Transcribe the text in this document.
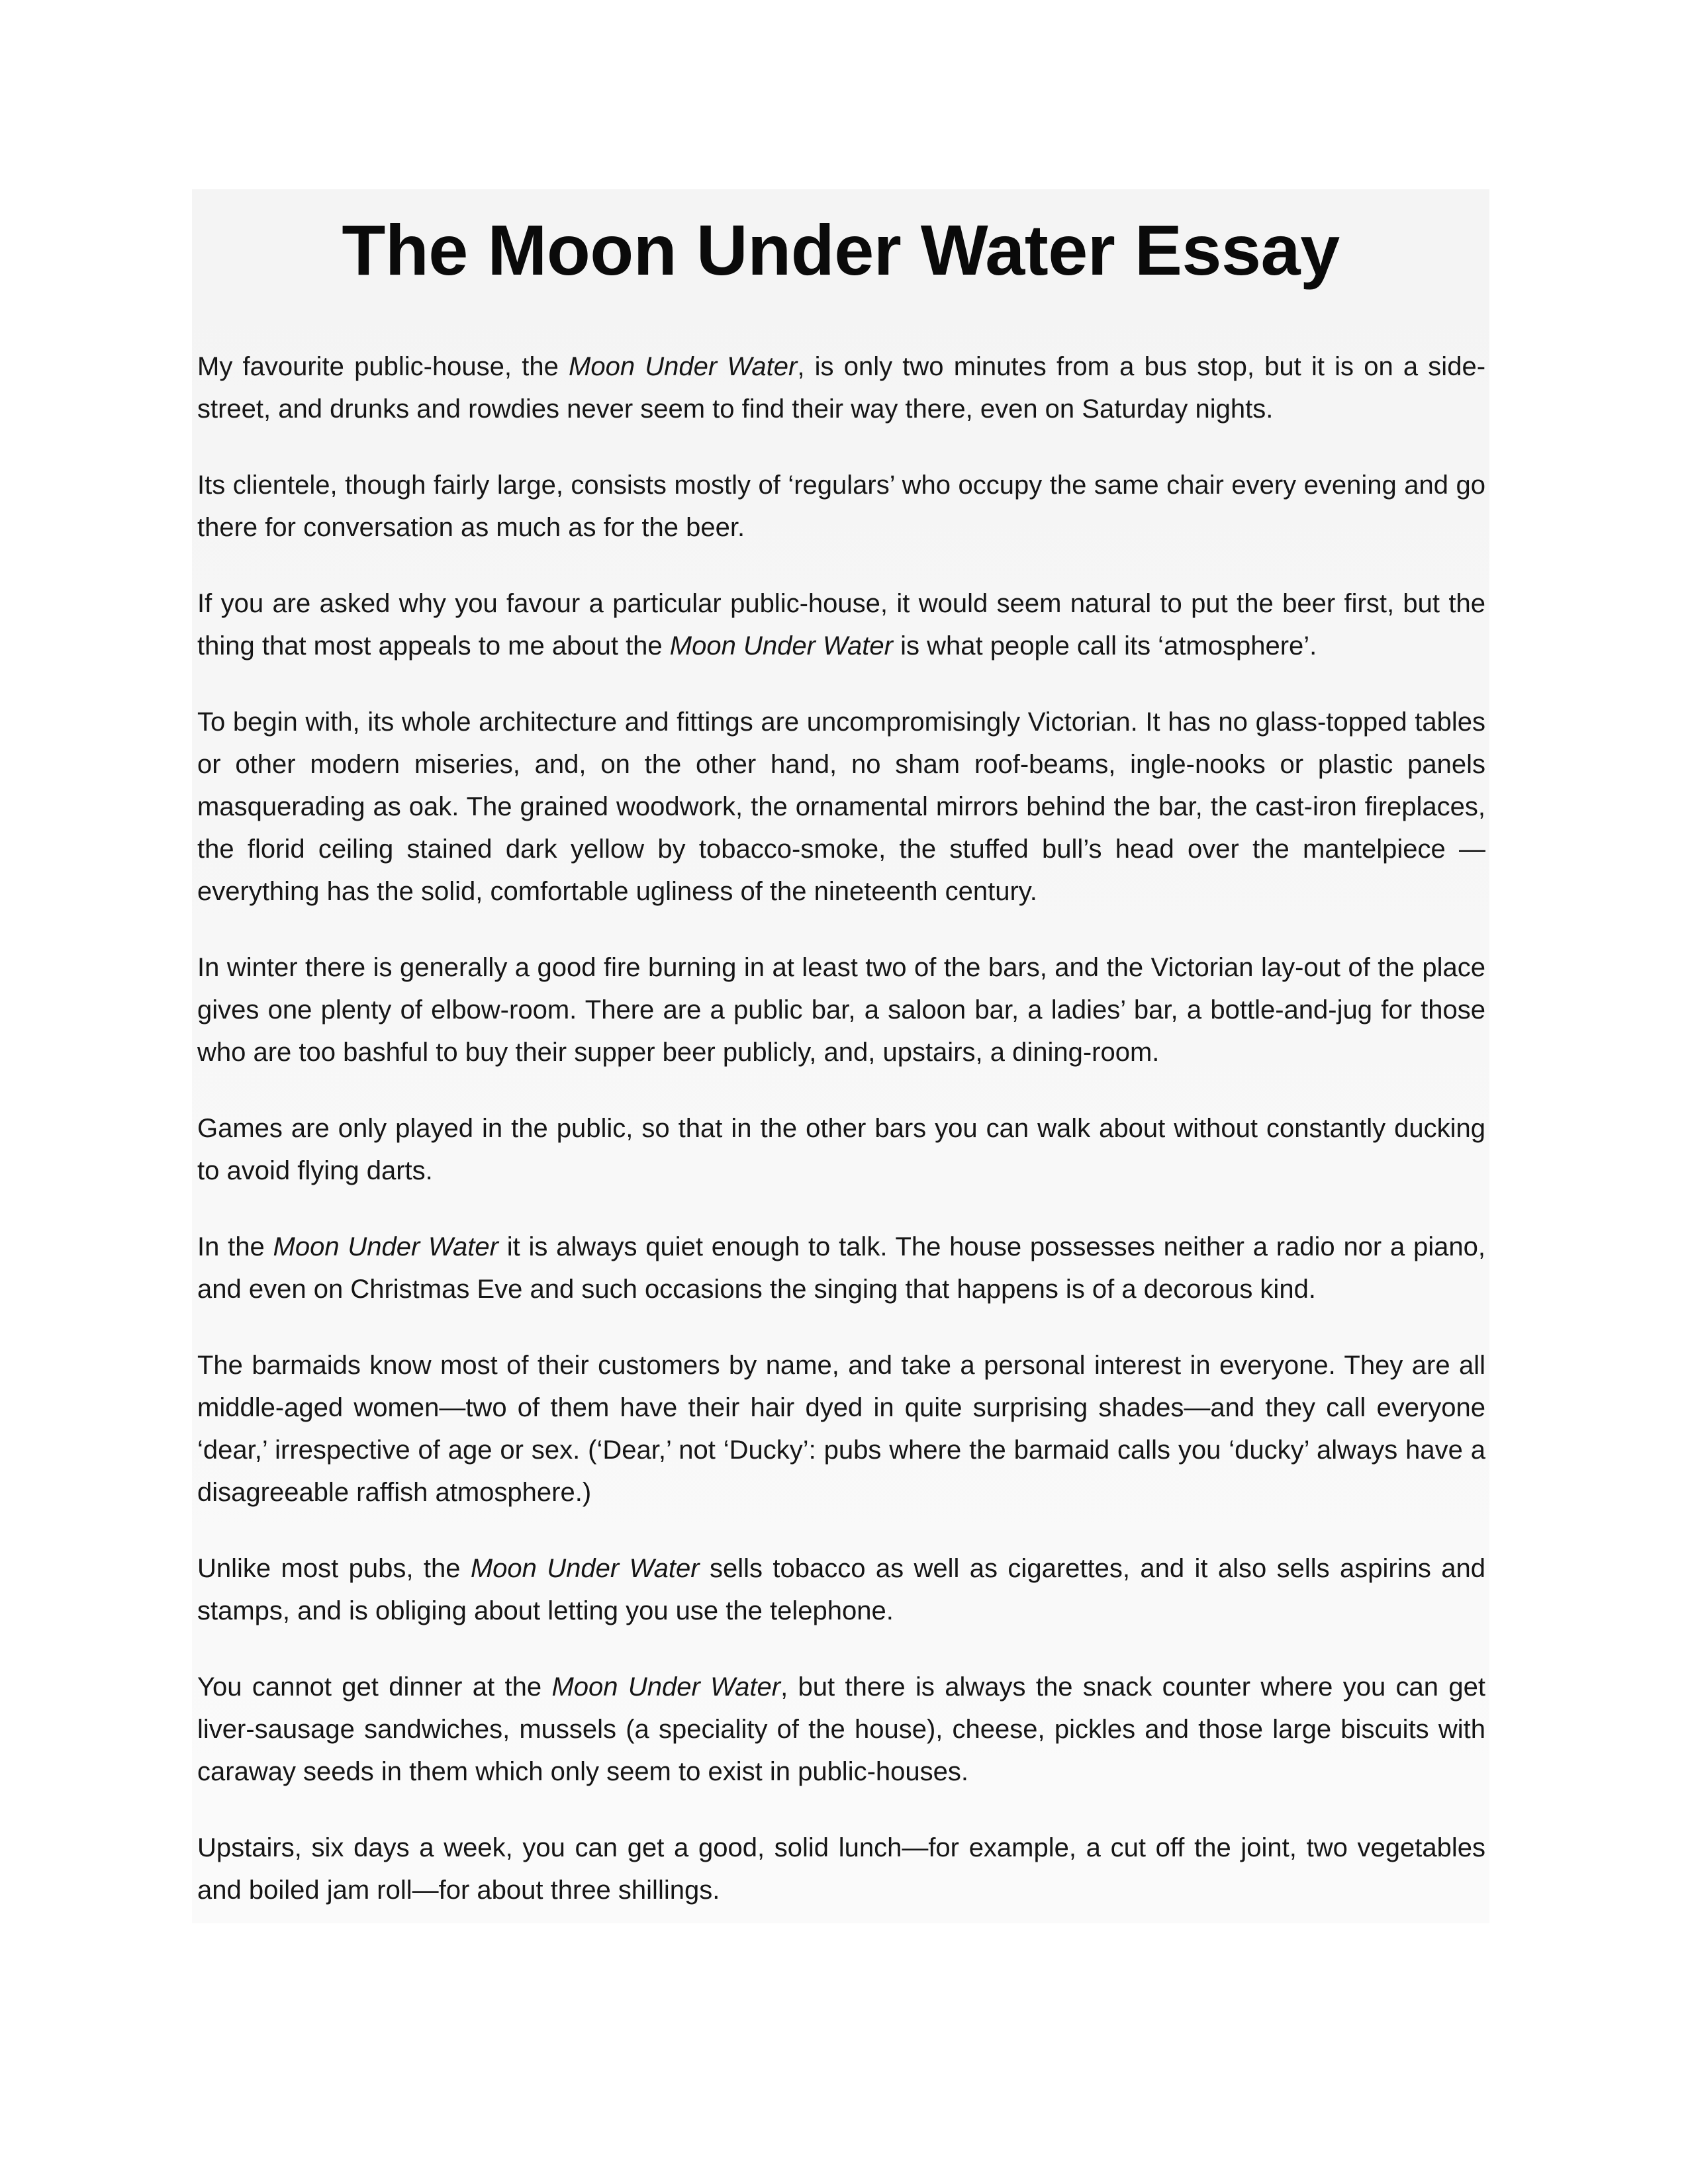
The Moon Under Water Essay

My favourite public-house, the Moon Under Water, is only two minutes from a bus stop, but it is on a side-street, and drunks and rowdies never seem to find their way there, even on Saturday nights.

Its clientele, though fairly large, consists mostly of ‘regulars’ who occupy the same chair every evening and go there for conversation as much as for the beer.

If you are asked why you favour a particular public-house, it would seem natural to put the beer first, but the thing that most appeals to me about the Moon Under Water is what people call its ‘atmosphere’.

To begin with, its whole architecture and fittings are uncompromisingly Victorian. It has no glass-topped tables or other modern miseries, and, on the other hand, no sham roof-beams, ingle-nooks or plastic panels masquerading as oak. The grained woodwork, the ornamental mirrors behind the bar, the cast-iron fireplaces, the florid ceiling stained dark yellow by tobacco-smoke, the stuffed bull’s head over the mantelpiece — everything has the solid, comfortable ugliness of the nineteenth century.

In winter there is generally a good fire burning in at least two of the bars, and the Victorian lay-out of the place gives one plenty of elbow-room. There are a public bar, a saloon bar, a ladies’ bar, a bottle-and-jug for those who are too bashful to buy their supper beer publicly, and, upstairs, a dining-room.

Games are only played in the public, so that in the other bars you can walk about without constantly ducking to avoid flying darts.

In the Moon Under Water it is always quiet enough to talk. The house possesses neither a radio nor a piano, and even on Christmas Eve and such occasions the singing that happens is of a decorous kind.

The barmaids know most of their customers by name, and take a personal interest in everyone. They are all middle-aged women—two of them have their hair dyed in quite surprising shades—and they call everyone ‘dear,’ irrespective of age or sex. (‘Dear,’ not ‘Ducky’: pubs where the barmaid calls you ‘ducky’ always have a disagreeable raffish atmosphere.)

Unlike most pubs, the Moon Under Water sells tobacco as well as cigarettes, and it also sells aspirins and stamps, and is obliging about letting you use the telephone.

You cannot get dinner at the Moon Under Water, but there is always the snack counter where you can get liver-sausage sandwiches, mussels (a speciality of the house), cheese, pickles and those large biscuits with caraway seeds in them which only seem to exist in public-houses.

Upstairs, six days a week, you can get a good, solid lunch—for example, a cut off the joint, two vegetables and boiled jam roll—for about three shillings.
